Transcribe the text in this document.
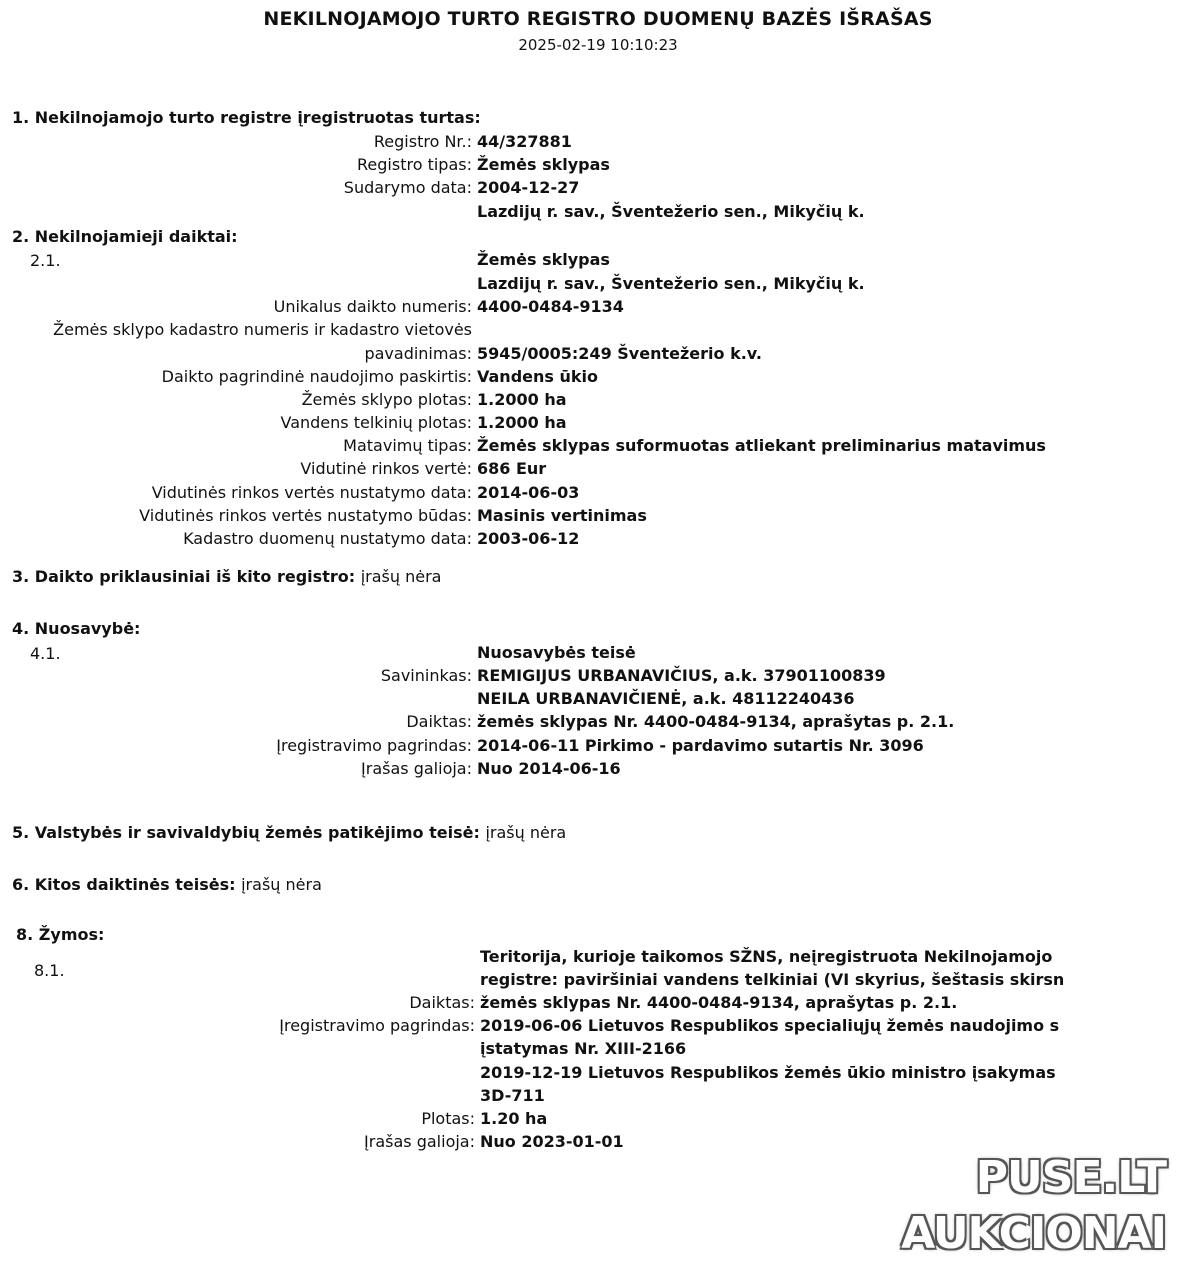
NEKILNOJAMOJO TURTO REGISTRO DUOMENŲ BAZĖS IŠRAŠAS
2025-02-19 10:10:23
1. Nekilnojamojo turto registre įregistruotas turtas:
Registro Nr.: 44/327881
Registro tipas: Žemės sklypas
Sudarymo data: 2004-12-27
Lazdijų r. sav., Šventežerio sen., Mikyčių k.
2. Nekilnojamieji daiktai:
2.1.	Žemės sklypas
Lazdijų r. sav., Šventežerio sen., Mikyčių k.
Unikalus daikto numeris: 4400-0484-9134
Žemės sklypo kadastro numeris ir kadastro vietovės
pavadinimas: 5945/0005:249 Šventežerio k.v.
Daikto pagrindinė naudojimo paskirtis: Vandens ūkio
Žemės sklypo plotas: 1.2000 ha
Vandens telkinių plotas: 1.2000 ha
Matavimų tipas: Žemės sklypas suformuotas atliekant preliminarius matavimus
Vidutinė rinkos vertė: 686 Eur
Vidutinės rinkos vertės nustatymo data: 2014-06-03
Vidutinės rinkos vertės nustatymo būdas: Masinis vertinimas
Kadastro duomenų nustatymo data: 2003-06-12
3. Daikto priklausiniai iš kito registro: įrašų nėra
4. Nuosavybė:
4.1.	Nuosavybės teisė
Savininkas: REMIGIJUS URBANAVIČIUS, a.k. 37901100839
NEILA URBANAVIČIENĖ, a.k. 48112240436
Daiktas: žemės sklypas Nr. 4400-0484-9134, aprašytas p. 2.1.
Įregistravimo pagrindas: 2014-06-11 Pirkimo - pardavimo sutartis Nr. 3096
Įrašas galioja: Nuo 2014-06-16
5. Valstybės ir savivaldybių žemės patikėjimo teisė: įrašų nėra
6. Kitos daiktinės teisės: įrašų nėra
8. Žymos:
8.1.
Teritorija, kurioje taikomos SŽNS, neįregistruota Nekilnojamojo
registre: paviršiniai vandens telkiniai (VI skyrius, šeštasis skirsn
Daiktas: žemės sklypas Nr. 4400-0484-9134, aprašytas p. 2.1.
Įregistravimo pagrindas: 2019-06-06 Lietuvos Respublikos specialiųjų žemės naudojimo s
įstatymas Nr. XIII-2166
2019-12-19 Lietuvos Respublikos žemės ūkio ministro įsakymas
3D-711
Plotas: 1.20 ha
Įrašas galioja: Nuo 2023-01-01
PUSE.LT
AUKCIONAI
